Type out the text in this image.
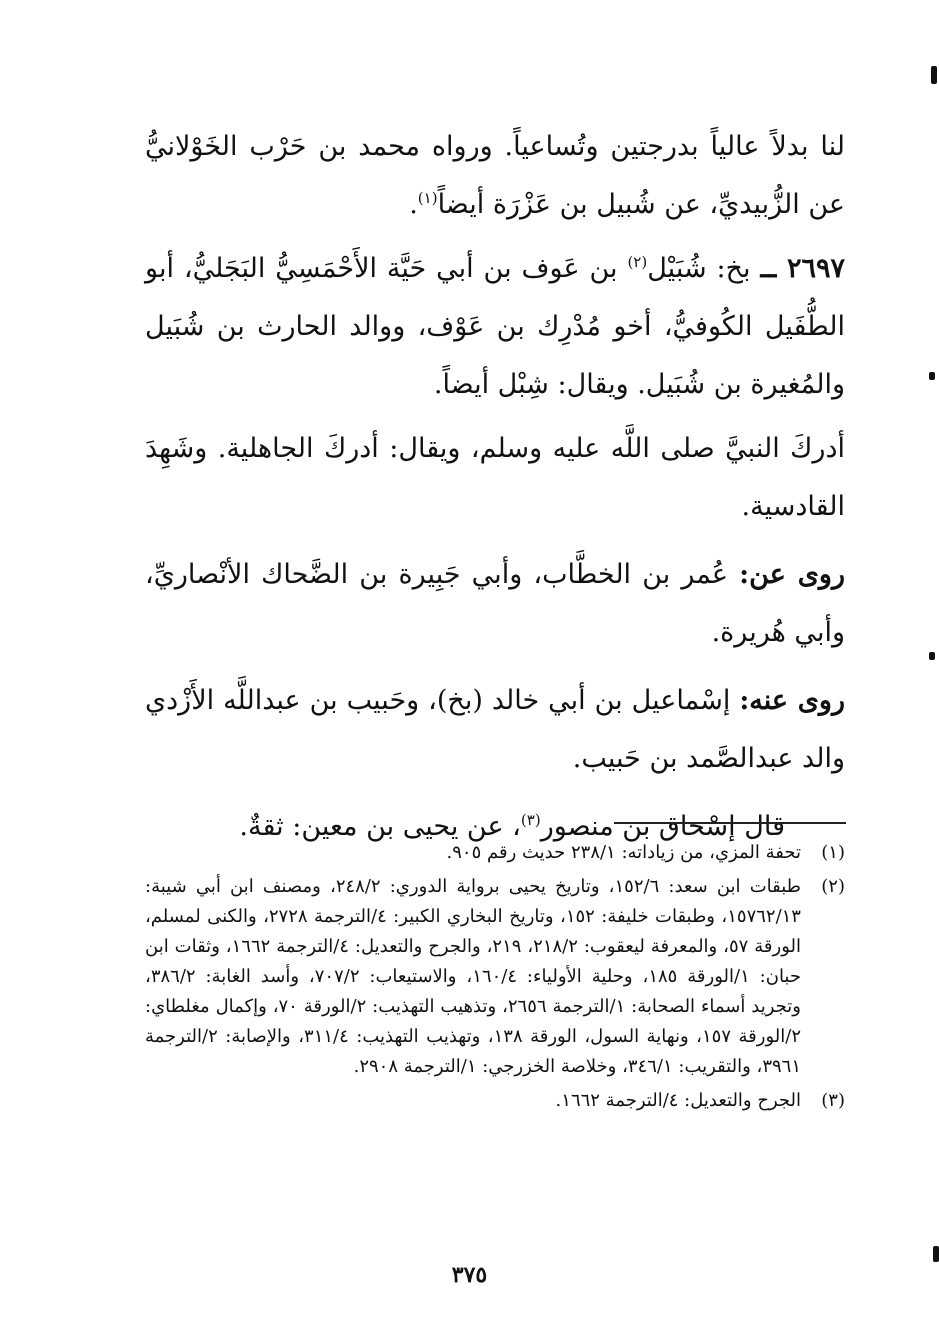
لنا بدلاً عالياً بدرجتين وتُساعياً. ورواه محمد بن حَرْب الخَوْلانيُّ عن الزُّبيديِّ، عن شُبيل بن عَزْرَة أيضاً$^{(١)}$.

٢٦٩٧ ــ بخ: شُبَيْل$^{(٢)}$ بن عَوف بن أبي حَيَّة الأَحْمَسِيُّ البَجَليُّ، أبو الطُّفَيل الكُوفيُّ، أخو مُدْرِك بن عَوْف، ووالد الحارث بن شُبَيل والمُغيرة بن شُبَيل. ويقال: شِبْل أيضاً.

أدركَ النبيَّ صلى اللَّه عليه وسلم، ويقال: أدركَ الجاهلية. وشَهِدَ القادسية.

روى عن: عُمر بن الخطَّاب، وأبي جَبِيرة بن الضَّحاك الأنْصاريِّ، وأبي هُريرة.

روى عنه: إسْماعيل بن أبي خالد (بخ)، وحَبيب بن عبداللَّه الأَزْدي والد عبدالصَّمد بن حَبيب.

قال إسْحاق بن منصور$^{(٣)}$، عن يحيى بن معين: ثقةٌ.

(١)
تحفة المزي، من زياداته: ٢٣٨/١ حديث رقم ٩٠٥.
(٢)
طبقات ابن سعد: ١٥٢/٦، وتاريخ يحيى برواية الدوري: ٢٤٨/٢، ومصنف ابن أبي شيبة: ١٥٧٦٢/١٣، وطبقات خليفة: ١٥٢، وتاريخ البخاري الكبير: ٤/الترجمة ٢٧٢٨، والكنى لمسلم، الورقة ٥٧، والمعرفة ليعقوب: ٢١٨/٢، ٢١٩، والجرح والتعديل: ٤/الترجمة ١٦٦٢، وثقات ابن حبان: ١/الورقة ١٨٥، وحلية الأولياء: ١٦٠/٤، والاستيعاب: ٧٠٧/٢، وأسد الغابة: ٣٨٦/٢، وتجريد أسماء الصحابة: ١/الترجمة ٢٦٥٦، وتذهيب التهذيب: ٢/الورقة ٧٠، وإكمال مغلطاي: ٢/الورقة ١٥٧، ونهاية السول، الورقة ١٣٨، وتهذيب التهذيب: ٣١١/٤، والإصابة: ٢/الترجمة ٣٩٦١، والتقريب: ٣٤٦/١، وخلاصة الخزرجي: ١/الترجمة ٢٩٠٨.
(٣)
الجرح والتعديل: ٤/الترجمة ١٦٦٢.
٣٧٥
